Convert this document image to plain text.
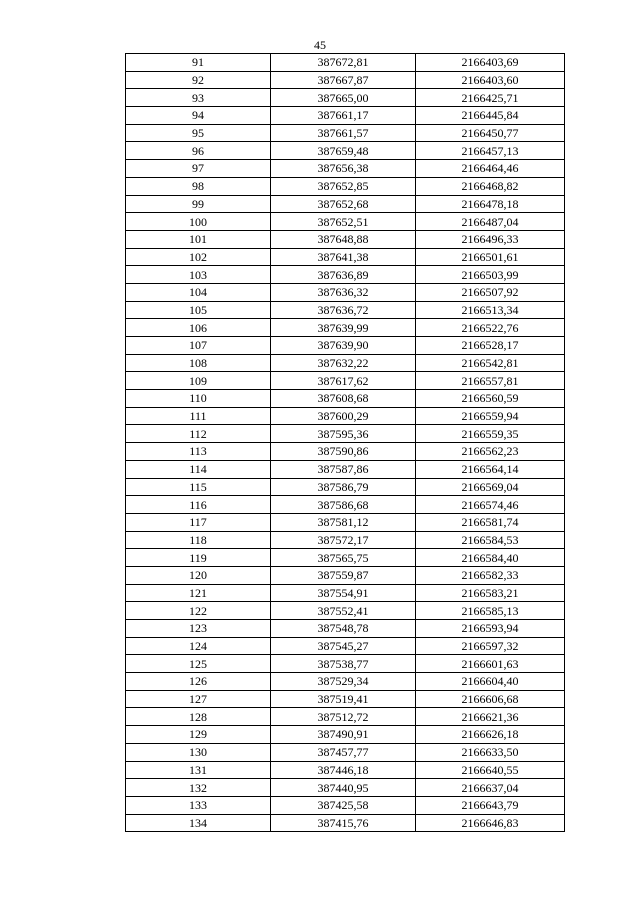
45
91	387672,81	2166403,69
92	387667,87	2166403,60
93	387665,00	2166425,71
94	387661,17	2166445,84
95	387661,57	2166450,77
96	387659,48	2166457,13
97	387656,38	2166464,46
98	387652,85	2166468,82
99	387652,68	2166478,18
100	387652,51	2166487,04
101	387648,88	2166496,33
102	387641,38	2166501,61
103	387636,89	2166503,99
104	387636,32	2166507,92
105	387636,72	2166513,34
106	387639,99	2166522,76
107	387639,90	2166528,17
108	387632,22	2166542,81
109	387617,62	2166557,81
110	387608,68	2166560,59
111	387600,29	2166559,94
112	387595,36	2166559,35
113	387590,86	2166562,23
114	387587,86	2166564,14
115	387586,79	2166569,04
116	387586,68	2166574,46
117	387581,12	2166581,74
118	387572,17	2166584,53
119	387565,75	2166584,40
120	387559,87	2166582,33
121	387554,91	2166583,21
122	387552,41	2166585,13
123	387548,78	2166593,94
124	387545,27	2166597,32
125	387538,77	2166601,63
126	387529,34	2166604,40
127	387519,41	2166606,68
128	387512,72	2166621,36
129	387490,91	2166626,18
130	387457,77	2166633,50
131	387446,18	2166640,55
132	387440,95	2166637,04
133	387425,58	2166643,79
134	387415,76	2166646,83
